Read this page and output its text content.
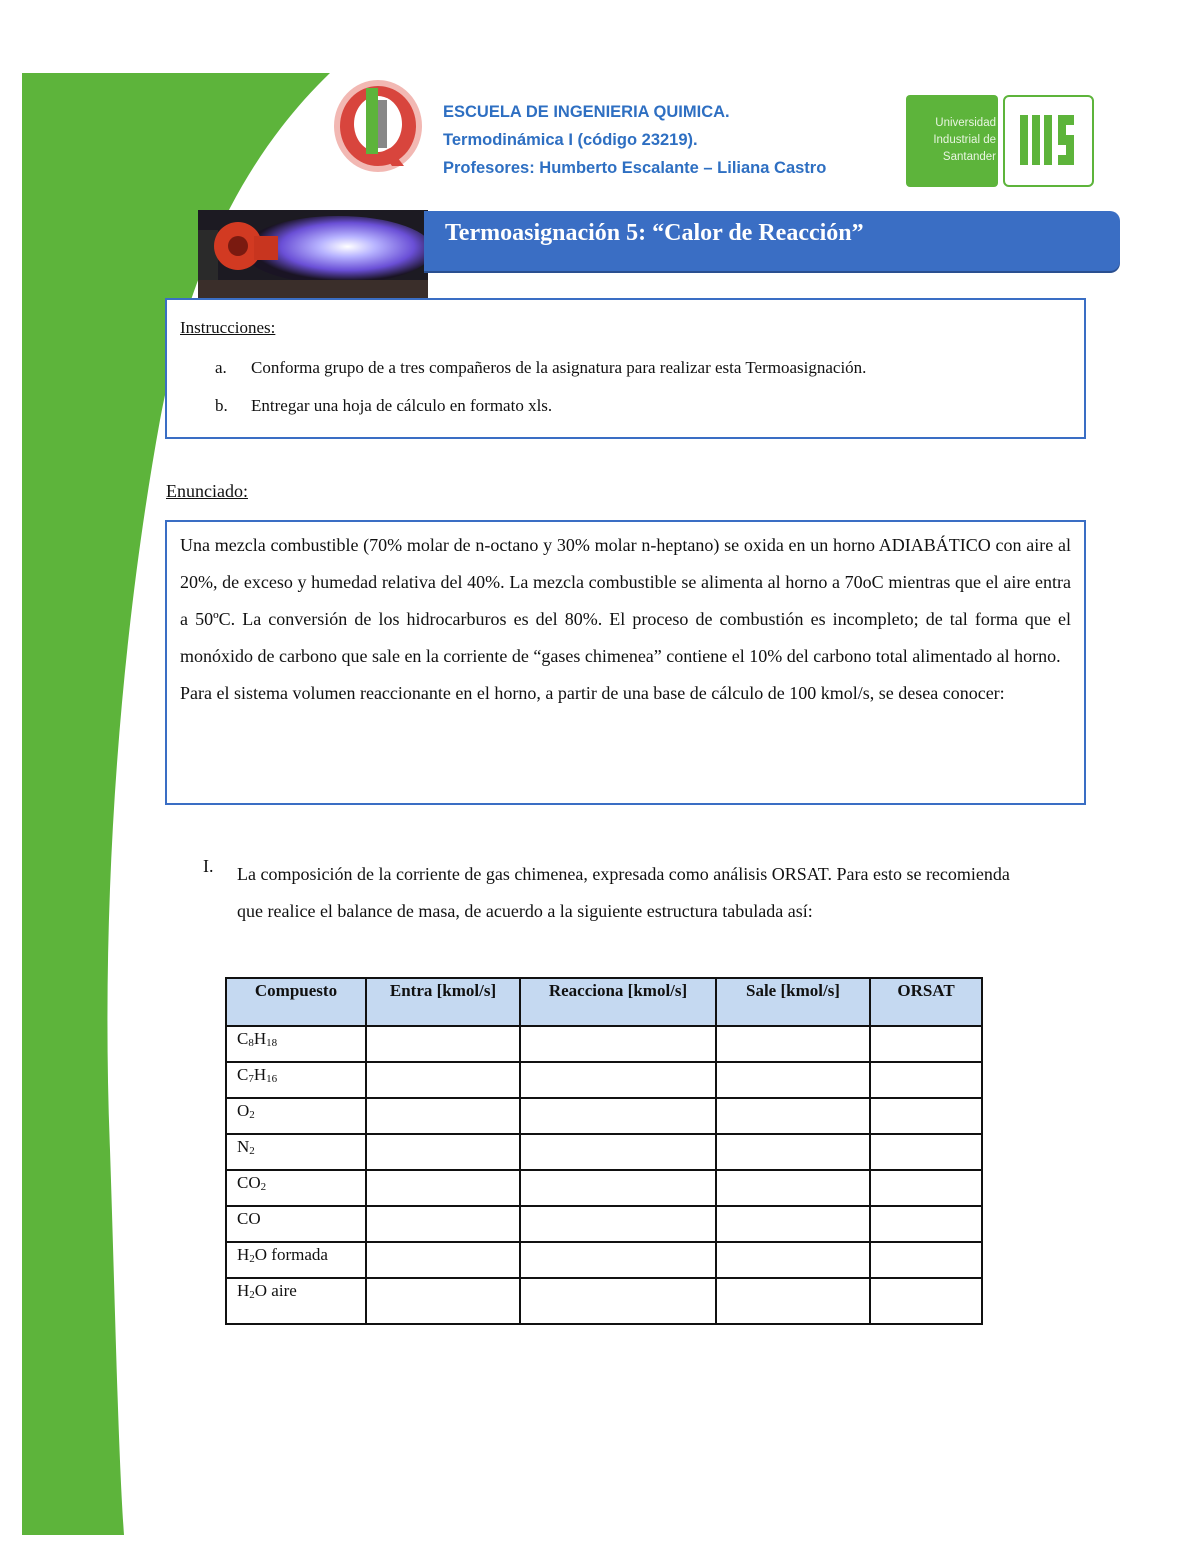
ESCUELA DE INGENIERIA QUIMICA.
Termodinámica I (código 23219).
Profesores: Humberto Escalante – Liliana Castro
Universidad
Industrial de
Santander
Termoasignación 5: “Calor de Reacción”
Instrucciones:
a. Conforma grupo de a tres compañeros de la asignatura para realizar esta Termoasignación.
b. Entregar una hoja de cálculo en formato xls.
Enunciado:

Una mezcla combustible (70% molar de n-octano y 30% molar n-heptano) se oxida en un horno ADIABÁTICO con aire al 20%, de exceso y humedad relativa del 40%. La mezcla combustible se alimenta al horno a 70oC mientras que el aire entra a 50ºC. La conversión de los hidrocarburos es del 80%. El proceso de combustión es incompleto; de tal forma que el monóxido de carbono que sale en la corriente de “gases chimenea” contiene el 10% del carbono total alimentado al horno.

Para el sistema volumen reaccionante en el horno, a partir de una base de cálculo de 100 kmol/s, se desea conocer:

I. La composición de la corriente de gas chimenea, expresada como análisis ORSAT. Para esto se recomienda que realice el balance de masa, de acuerdo a la siguiente estructura tabulada así:
Compuesto	Entra [kmol/s]	Reacciona [kmol/s]	Sale [kmol/s]	ORSAT
$C_8H_{18}$				
$C_7H_{16}$				
$O_2$				
$N_2$				
$CO_2$				
CO				
$H_2O$ formada				
$H_2O$ aire				
